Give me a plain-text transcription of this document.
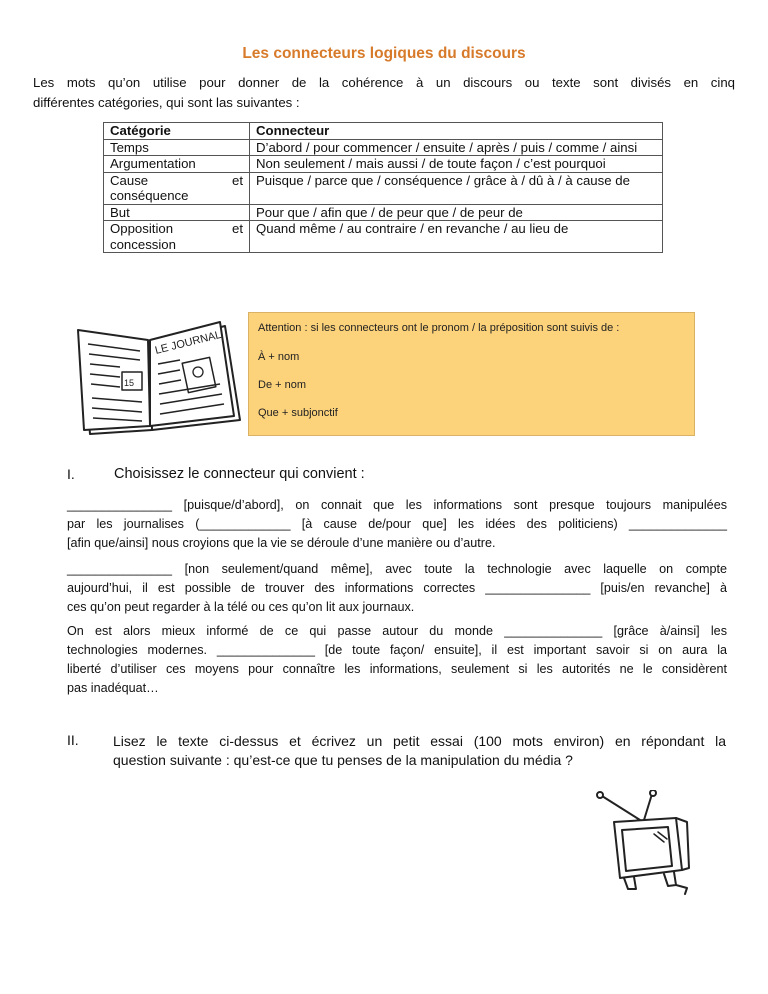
Les connecteurs logiques du discours
Les mots qu’on utilise pour donner de la cohérence à un discours ou texte sont divisés en cinq
différentes catégories, qui sont las suivantes :
Catégorie	Connecteur
Temps	D’abord / pour commencer / ensuite / après / puis / comme / ainsi
Argumentation	Non seulement / mais aussi / de toute façon / c’est pourquoi
Cause et conséquence	Puisque / parce que / conséquence / grâce à / dû à / à cause de
But	Pour que / afin que / de peur que / de peur de
Opposition et concession	Quand même / au contraire / en revanche / au lieu de
LE JOURNAL
15
Attention : si les connecteurs ont le pronom / la préposition sont suivis de :
À + nom
De + nom
Que + subjonctif
I.	Choisissez le connecteur qui convient :
_______________ [puisque/d’abord], on connait que les informations sont presque toujours manipulées
par les journalises (_____________ [à cause de/pour que] les idées des politiciens) ______________
[afin que/ainsi] nous croyions que la vie se déroule d’une manière ou d’autre.
_______________ [non seulement/quand même], avec toute la technologie avec laquelle on compte
aujourd’hui, il est possible de trouver des informations correctes _______________ [puis/en revanche] à
ces qu’on peut regarder à la télé ou ces qu’on lit aux journaux.
On est alors mieux informé de ce qui passe autour du monde ______________ [grâce à/ainsi] les
technologies modernes. ______________ [de toute façon/ ensuite], il est important savoir si on aura la
liberté d’utiliser ces moyens pour connaître les informations, seulement si les autorités ne le considèrent
pas inadéquat…
II. Lisez le texte ci-dessus et écrivez un petit essai (100 mots environ) en répondant la
question suivante : qu’est-ce que tu penses de la manipulation du média ?
